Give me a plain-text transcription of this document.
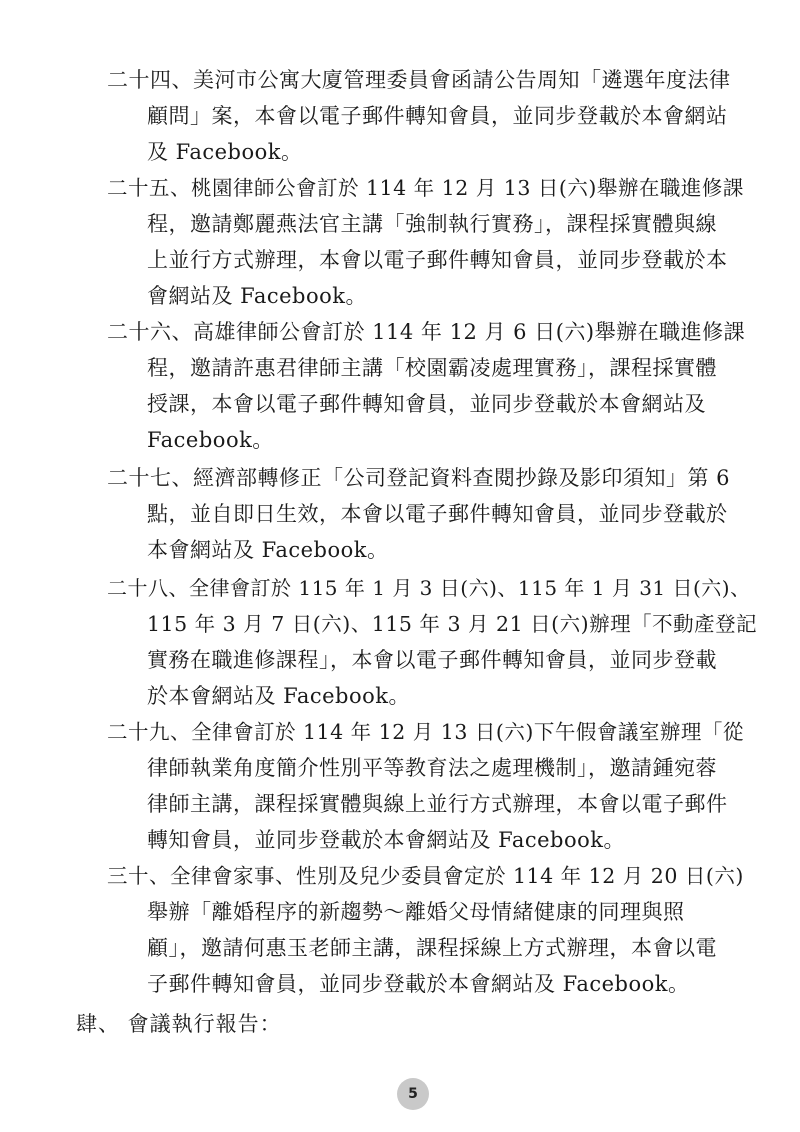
二十四、美河市公寓大廈管理委員會函請公告周知「遴選年度法律
顧問」案，本會以電子郵件轉知會員，並同步登載於本會網站
及 Facebook。
二十五、桃園律師公會訂於 114 年 12 月 13 日(六)舉辦在職進修課
程，邀請鄭麗燕法官主講「強制執行實務」，課程採實體與線
上並行方式辦理，本會以電子郵件轉知會員，並同步登載於本
會網站及 Facebook。
二十六、高雄律師公會訂於 114 年 12 月 6 日(六)舉辦在職進修課
程，邀請許惠君律師主講「校園霸凌處理實務」，課程採實體
授課，本會以電子郵件轉知會員，並同步登載於本會網站及
Facebook。
二十七、經濟部轉修正「公司登記資料查閱抄錄及影印須知」第 6
點，並自即日生效，本會以電子郵件轉知會員，並同步登載於
本會網站及 Facebook。
二十八、全律會訂於 115 年 1 月 3 日(六)、115 年 1 月 31 日(六)、
115 年 3 月 7 日(六)、115 年 3 月 21 日(六)辦理「不動產登記
實務在職進修課程」，本會以電子郵件轉知會員，並同步登載
於本會網站及 Facebook。
二十九、全律會訂於 114 年 12 月 13 日(六)下午假會議室辦理「從
律師執業角度簡介性別平等教育法之處理機制」，邀請鍾宛蓉
律師主講，課程採實體與線上並行方式辦理，本會以電子郵件
轉知會員，並同步登載於本會網站及 Facebook。
三十、全律會家事、性別及兒少委員會定於 114 年 12 月 20 日(六)
舉辦「離婚程序的新趨勢～離婚父母情緒健康的同理與照
顧」，邀請何惠玉老師主講，課程採線上方式辦理，本會以電
子郵件轉知會員，並同步登載於本會網站及 Facebook。
肆、 會議執行報告：
5
